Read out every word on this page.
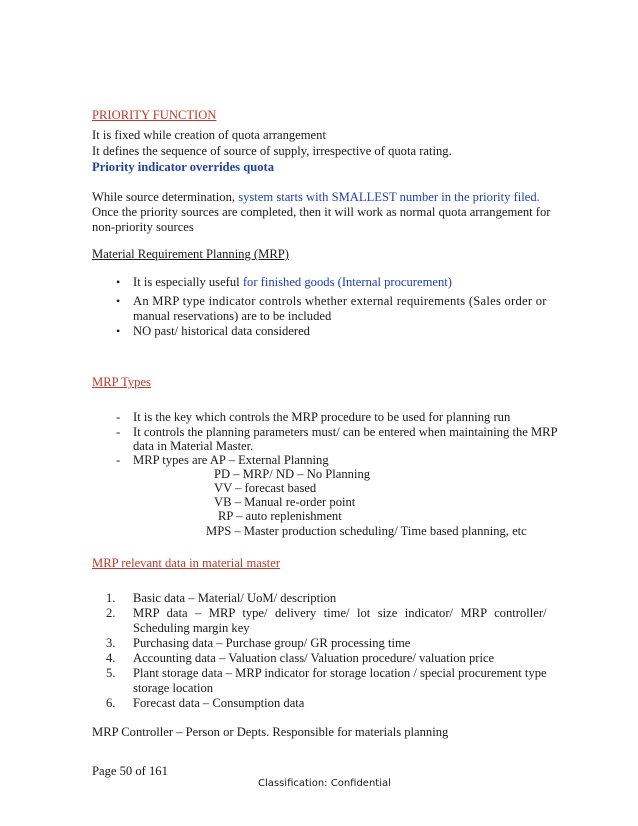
PRIORITY FUNCTION
It is fixed while creation of quota arrangement
It defines the sequence of source of supply, irrespective of quota rating.
Priority indicator overrides quota
While source determination, system starts with SMALLEST number in the priority filed.
Once the priority sources are completed, then it will work as normal quota arrangement for
non-priority sources
Material Requirement Planning (MRP)
• It is especially useful for finished goods (Internal procurement)
• An MRP type indicator controls whether external requirements (Sales order or
manual reservations) are to be included
• NO past/ historical data considered
MRP Types
- It is the key which controls the MRP procedure to be used for planning run
- It controls the planning parameters must/ can be entered when maintaining the MRP
data in Material Master.
- MRP types are AP – External Planning
PD – MRP/ ND – No Planning
VV – forecast based
VB – Manual re-order point
RP – auto replenishment
MPS – Master production scheduling/ Time based planning, etc
MRP relevant data in material master
1. Basic data – Material/ UoM/ description
2. MRP data – MRP type/ delivery time/ lot size indicator/ MRP controller/
Scheduling margin key
3. Purchasing data – Purchase group/ GR processing time
4. Accounting data – Valuation class/ Valuation procedure/ valuation price
5. Plant storage data – MRP indicator for storage location / special procurement type
storage location
6. Forecast data – Consumption data
MRP Controller – Person or Depts. Responsible for materials planning
Page 50 of 161
Classification: Confidential
